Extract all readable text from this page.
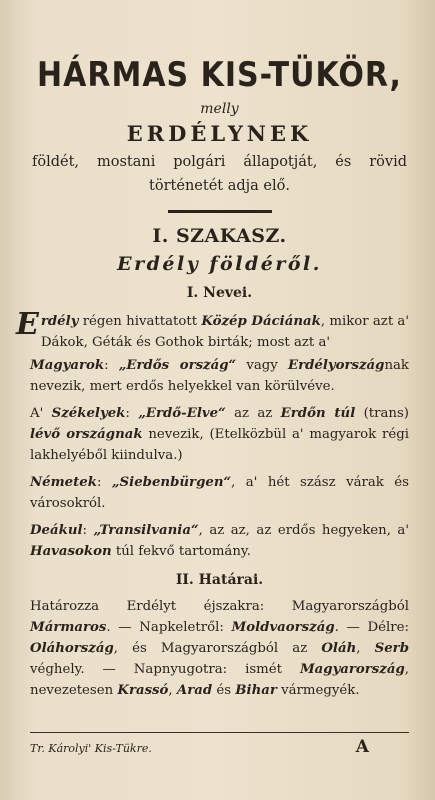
HÁRMAS KIS-TÜKÖR,
melly
ERDÉLYNEK
földét, mostani polgári állapotját, és rövid történetét adja elő.
I. SZAKASZ.
Erdély földéről.
I. Nevei.
Erdély régen hivattatott Közép Dáciának, mikor azt a' Dákok, Géták és Gothok birták; most azt a'
Magyarok: „Erdős ország“ vagy Erdélyországnak nevezik, mert erdős helyekkel van körülvéve.
A' Székelyek: „Erdő-Elve“ az az Erdőn túl (trans) lévő országnak nevezik, (Etelközbül a' magyarok régi lakhelyéből kiindulva.)
Németek: „Siebenbürgen“, a' hét szász várak és városokról.
Deákul: „Transilvania“, az az, az erdős hegyeken, a' Havasokon túl fekvő tartomány.
II. Határai.
Határozza Erdélyt éjszakra: Magyarországból Mármaros. — Napkeletről: Moldvaország. — Délre: Oláhország, és Magyarországból az Oláh, Serb véghely. — Napnyugotra: ismét Magyarország, nevezetesen Krassó, Arad és Bihar vármegyék.
Tr. Károlyi' Kis-Tükre.	A
